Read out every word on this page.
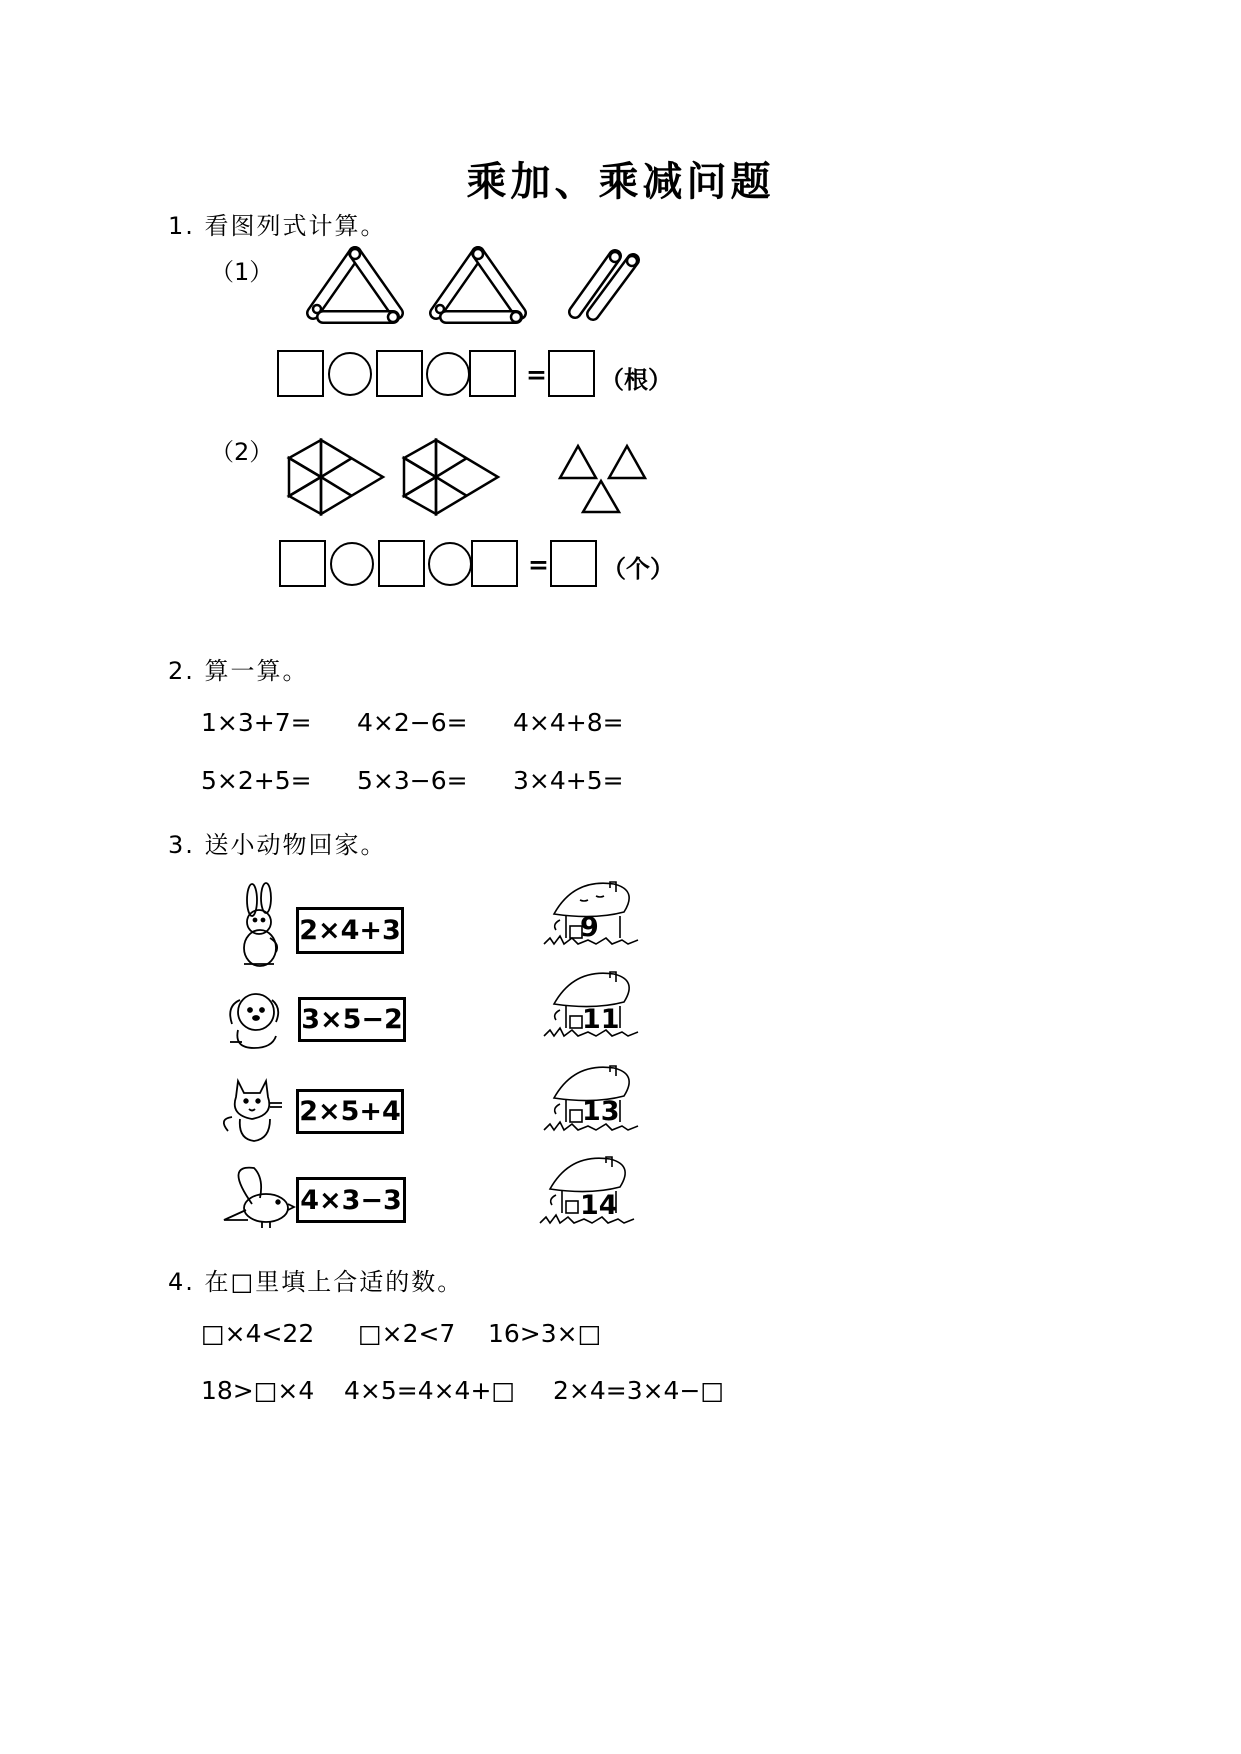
乘加、乘减问题
1. 看图列式计算。
（1）
= （根）
（2）
= （个）
2. 算一算。
1×3+7= 4×2−6= 4×4+8=
5×2+5= 5×3−6= 3×4+5=
3. 送小动物回家。
2×4+3
3×5−2
2×5+4
4×3−3
9
11
13
14
4. 在□里填上合适的数。
□×4<22 □×2<7 16>3×□
18>□×4 4×5=4×4+□ 2×4=3×4−□
